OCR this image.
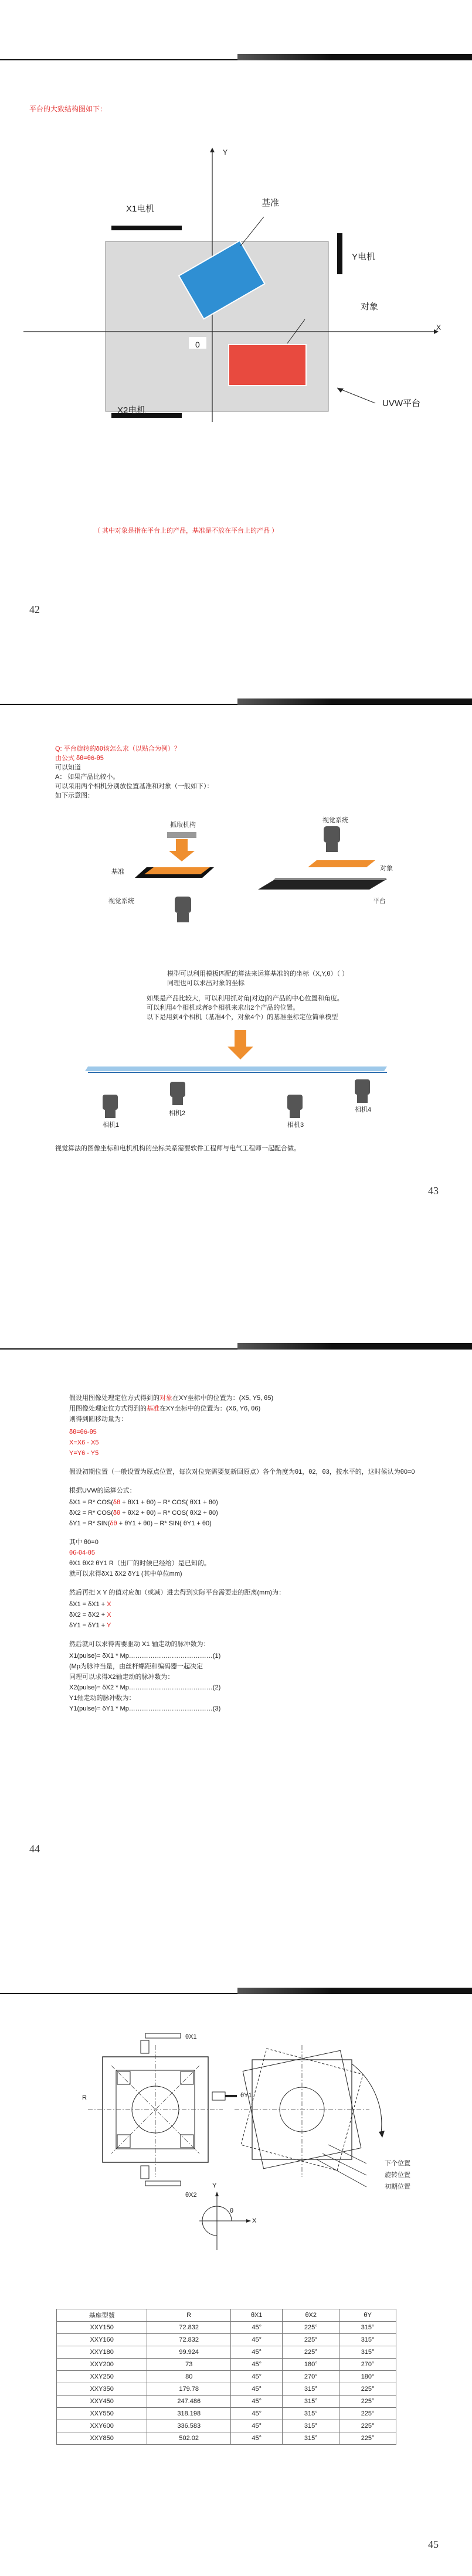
平台的大致结构图如下：
Y
X
X1电机
基准
Y电机
对象
0
X2电机
UVW平台
（ 其中对象是指在平台上的产品，基准是不放在平台上的产品 ）
42
Q: 平台旋转的δθ该怎么求（以贴合为例）？
由公式 δθ=θ6-θ5
可以知道
A： 如果产品比较小。
可以采用两个相机分别放位置基准和对象（一般如下）：
如下示意图：
抓取机构
基准
视觉系统
视觉系统
对象
平台
模型可以利用模板匹配的算法来运算基准的的坐标（X,Y,θ）（ ）
同理也可以求出对象的坐标
如果是产品比较大，可以利用抓对角|对边|的产品的中心位置和角度。
可以利用4个相机或者8个相机来求出2个产品的位置。
以下是用到4个相机（基准4个，对象4个）的基准坐标定位简单模型
相机1
相机2
相机3
相机4
视觉算法的图像坐标和电机机构的坐标关系需要软件工程师与电气工程师一起配合做。
43
假设用图像处理定位方式得到的对象在XY坐标中的位置为：(X5, Y5, θ5)
用图像处理定位方式得到的基准在XY坐标中的位置为：(X6, Y6, θ6)
则得到圆移动量为：
δθ=θ6-θ5
X=X6 - X5
Y=Y6 - Y5
假设初期位置（一般设置为原点位置，每次对位完需要复新回原点）各个角度为θ1，θ2，θ3，按水平的，这时候认为θ0=0
根据UVW的运算公式：
δX1 = R* COS(δθ + θX1 + θ0) – R* COS( θX1 + θ0)
δX2 = R* COS(δθ + θX2 + θ0) – R* COS( θX2 + θ0)
δY1 = R* SIN(δθ + θY1 + θ0) – R* SIN( θY1 + θ0)
其中 θ0=0
θ6-θ4-θ5
θX1 θX2 θY1 R（出厂的时候已经给）是已知的。
就可以求得δX1 δX2 δY1 (其中单位mm)
然后再把 X Y 的值对应加（或减）进去得到实际平台需要走的距离(mm)为：
δX1 = δX1 + X
δX2 = δX2 + X
δY1 = δY1 + Y
然后就可以求得需要驱动 X1 轴走动的脉冲数为：
X1(pulse)= δX1 * Mp…………………………………(1)
(Mp为脉冲当量，由丝杆螺距和编码器一起决定
同理可以求得X2轴走动的脉冲数为：
X2(pulse)= δX2 * Mp…………………………………(2)
Y1轴走动的脉冲数为：
Y1(pulse)= δY1 * Mp…………………………………(3)
44
θX1
θY1
θX2
R
下个位置
旋转位置
初期位置
X
Y
θ
基座型號	R	θX1	θX2	θY
XXY150	72.832	45°	225°	315°
XXY160	72.832	45°	225°	315°
XXY180	99.924	45°	225°	315°
XXY200	73	45°	180°	270°
XXY250	80	45°	270°	180°
XXY350	179.78	45°	315°	225°
XXY450	247.486	45°	315°	225°
XXY550	318.198	45°	315°	225°
XXY600	336.583	45°	315°	225°
XXY850	502.02	45°	315°	225°
45
